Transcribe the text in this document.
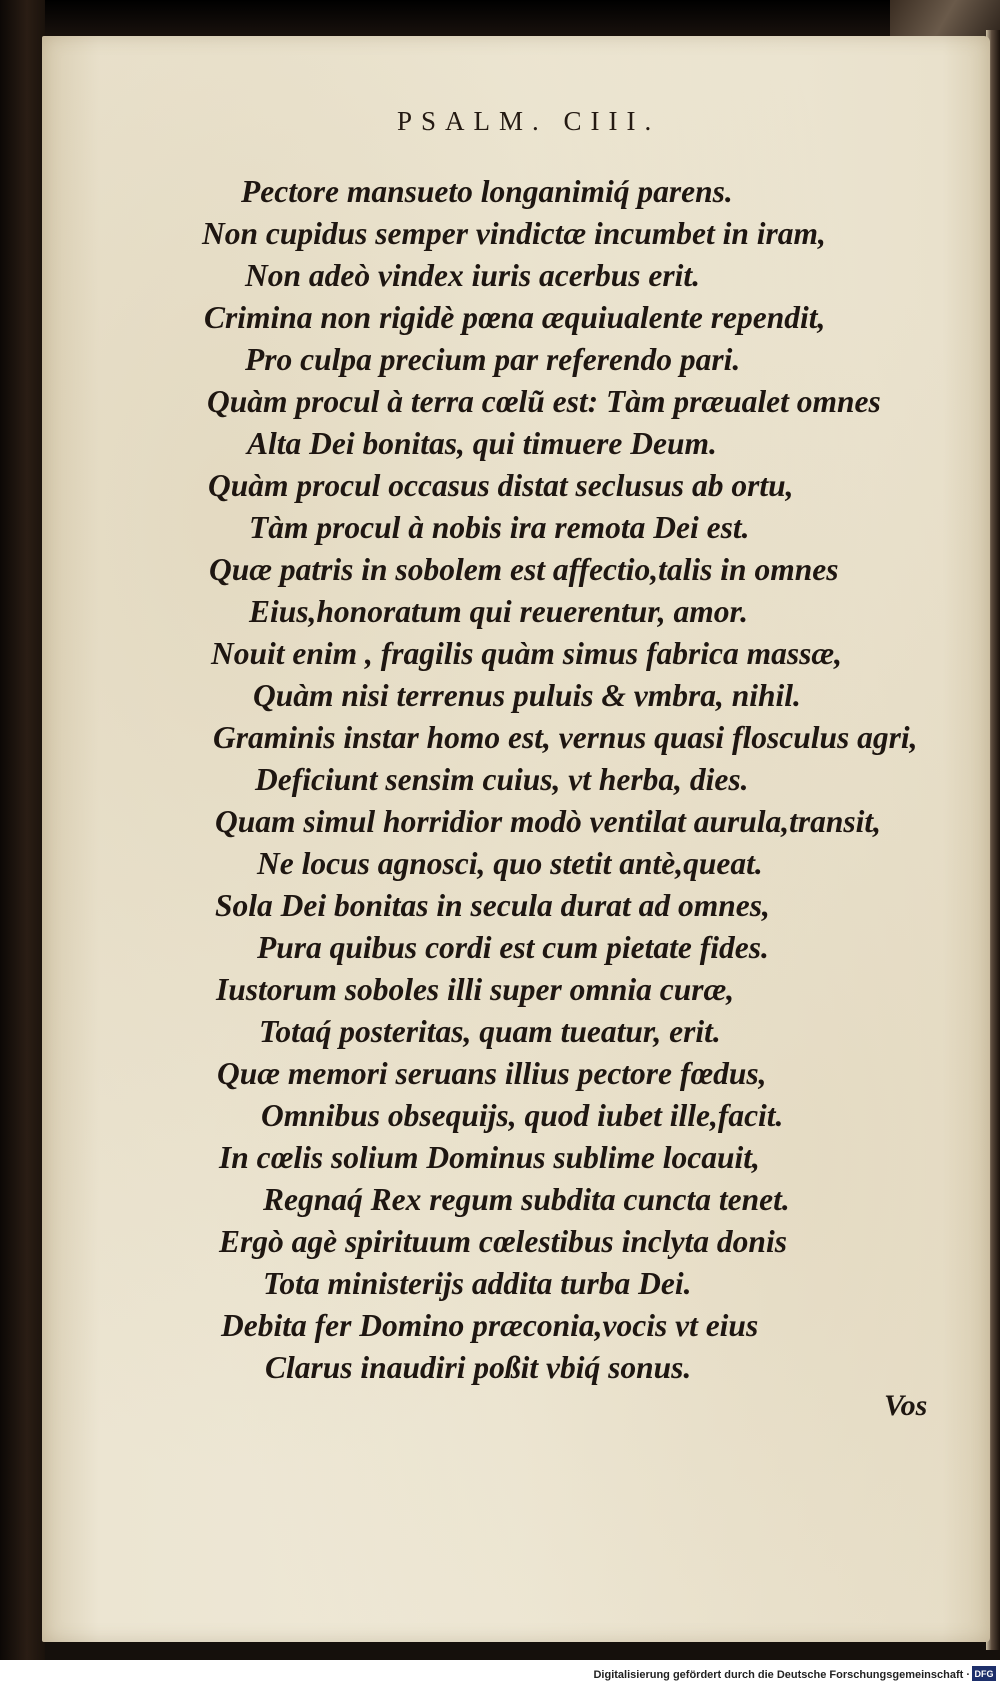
PSALM. CIII.
Pectore mansueto longanimiq́ parens.
Non cupidus semper vindictæ incumbet in iram,
Non adeò vindex iuris acerbus erit.
Crimina non rigidè pœna æquiualente rependit,
Pro culpa precium par referendo pari.
Quàm procul à terra cœlũ est: Tàm præualet omnes
Alta Dei bonitas, qui timuere Deum.
Quàm procul occasus distat seclusus ab ortu,
Tàm procul à nobis ira remota Dei est.
Quæ patris in sobolem est affectio,talis in omnes
Eius,honoratum qui reuerentur, amor.
Nouit enim , fragilis quàm simus fabrica massæ,
Quàm nisi terrenus puluis & vmbra, nihil.
Graminis instar homo est, vernus quasi flosculus agri,
Deficiunt sensim cuius, vt herba, dies.
Quam simul horridior modò ventilat aurula,transit,
Ne locus agnosci, quo stetit antè,queat.
Sola Dei bonitas in secula durat ad omnes,
Pura quibus cordi est cum pietate fides.
Iustorum soboles illi super omnia curæ,
Totaq́ posteritas, quam tueatur, erit.
Quæ memori seruans illius pectore fœdus,
Omnibus obsequijs, quod iubet ille,facit.
In cœlis solium Dominus sublime locauit,
Regnaq́ Rex regum subdita cuncta tenet.
Ergò agè spirituum cœlestibus inclyta donis
Tota ministerijs addita turba Dei.
Debita fer Domino præconia,vocis vt eius
Clarus inaudiri poßit vbiq́ sonus.
Vos
Digitalisierung gefördert durch die Deutsche Forschungsgemeinschaft · DFG
